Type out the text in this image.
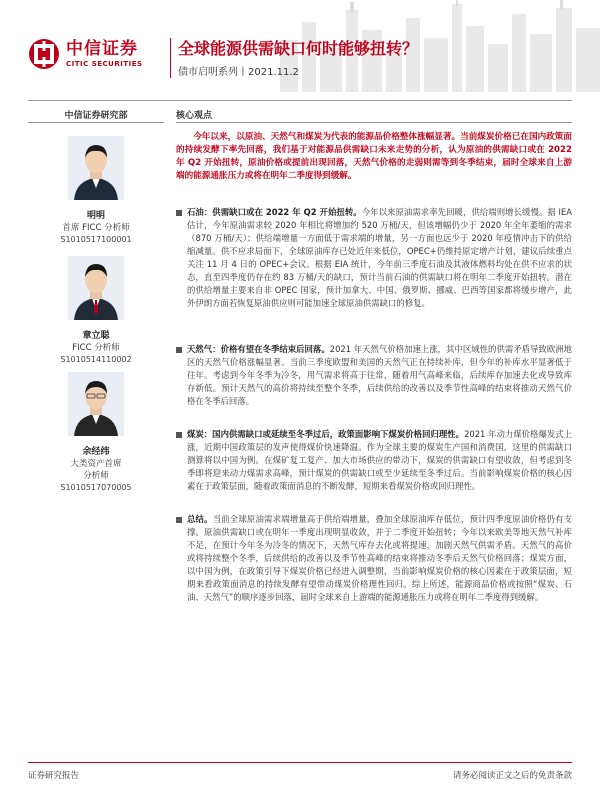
中信证券
CITIC SECURITIES
全球能源供需缺口何时能够扭转？
债市启明系列丨2021.11.2
中信证券研究部
明明
首席 FICC 分析师
S1010517100001
章立聪
FICC 分析师
S1010514110002
余经纬
大类资产首席
分析师
S1010517070005
核心观点
今年以来，以原油、天然气和煤炭为代表的能源品价格整体涨幅显著。当前煤炭价格已在国内政策面的持续发酵下率先回落，我们基于对能源品供需缺口未来走势的分析，认为原油的供需缺口或在 2022 年 Q2 开始扭转，原油价格或提前出现回落，天然气价格的走弱则需等到冬季结束，届时全球来自上游端的能源通胀压力或将在明年二季度得到缓解。
石油：供需缺口或在 2022 年 Q2 开始扭转。今年以来原油需求率先回暖，供给端则增长缓慢。据 IEA 估计，今年原油需求较 2020 年相比将增加约 520 万桶/天，但该增幅仍少于 2020 年全年萎缩的需求（870 万桶/天）；供给端增量一方面低于需求端的增量，另一方面也远少于 2020 年疫情冲击下的供给缩减量。供不应求局面下，全球原油库存已处近年来低位，OPEC+仍维持原定增产计划，建议后续重点关注 11 月 4 日的 OPEC+会议。根据 EIA 统计，今年前三季度石油及其液体燃料均处在供不应求的状态，直至四季度仍存在约 83 万桶/天的缺口，预计当前石油的供需缺口将在明年二季度开始扭转。潜在的供给增量主要来自非 OPEC 国家，预计加拿大、中国、俄罗斯、挪威、巴西等国家都将缓步增产，此外伊朗方面若恢复原油供应则可能加速全球原油供需缺口的修复。
天然气：价格有望在冬季结束后回落。2021 年天然气价格加速上涨，其中区域性的供需矛盾导致欧洲地区的天然气价格涨幅显著。当前三季度欧盟和美国的天然气正在持续补库，但今年的补库水平显著低于往年。考虑到今年冬季为冷冬，用气需求将高于往常，随着用气高峰来临，后续库存加速去化或导致库存新低。预计天然气的高价将持续至整个冬季，后续供给的改善以及季节性高峰的结束将推动天然气价格在冬季后回落。
煤炭：国内供需缺口或延续至冬季过后，政策面影响下煤炭价格回归理性。2021 年动力煤价格爆发式上涨，近期中国政策层的发声使得煤价快速降温。作为全球主要的煤炭生产国和消费国，这里的供需缺口测算将以中国为例。在煤矿复工复产、加大市场供应的带动下，煤炭的供需缺口有望收敛，但考虑到冬季即将迎来动力煤需求高峰，预计煤炭的供需缺口或至少延续至冬季过后。当前影响煤炭价格的核心因素在于政策层面，随着政策面消息的不断发酵，短期来看煤炭价格或回归理性。
总结。当前全球原油需求端增量高于供给端增量，叠加全球原油库存低位，预计四季度原油价格仍有支撑。原油供需缺口或在明年一季度出现明显收敛，并于二季度开始扭转；今年以来欧美等地天然气补库不足，在预计今年冬为冷冬的情况下，天然气库存去化或将提速，加剧天然气供需矛盾。天然气的高价或将持续整个冬季，后续供给的改善以及季节性高峰的结束将推动冬季后天然气价格回落；煤炭方面，以中国为例，在政策引导下煤炭价格已经进入调整期，当前影响煤炭价格的核心因素在于政策层面，短期来看政策面消息的持续发酵有望带动煤炭价格理性回归。综上所述，能源商品价格或按照“煤炭、石油、天然气”的顺序逐步回落，届时全球来自上游端的能源通胀压力或将在明年二季度得到缓解。
证券研究报告	请务必阅读正文之后的免责条款
